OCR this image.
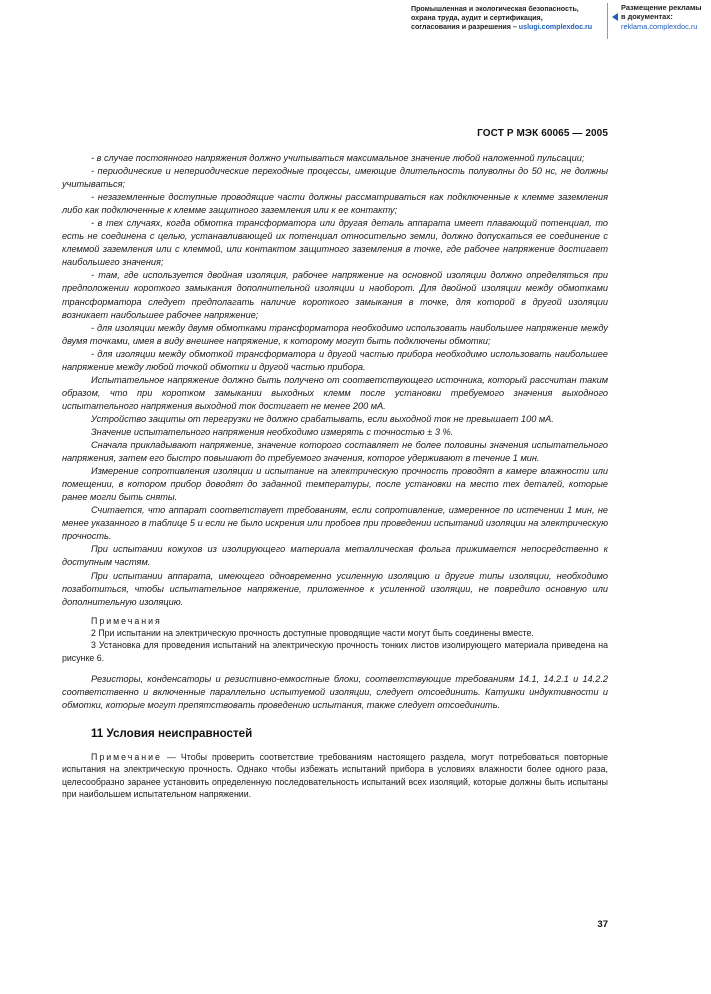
Промышленная и экологическая безопасность,
охрана труда, аудит и сертификация,
согласования и разрешения – uslugi.complexdoc.ru
Размещение рекламы
в документах:
reklama.complexdoc.ru
ГОСТ Р МЭК 60065 — 2005

- в случае постоянного напряжения должно учитываться максимальное значение любой наложенной пульсации;

- периодические и непериодические переходные процессы, имеющие длительность полуволны до 50 нс, не должны учитываться;

- незаземленные доступные проводящие части должны рассматриваться как подключенные к клемме заземления либо как подключенные к клемме защитного заземления или к ее контакту;

- в тех случаях, когда обмотка трансформатора или другая деталь аппарата имеет плавающий потенциал, то есть не соединена с целью, устанавливающей их потенциал относительно земли, должно допускаться ее соединение с клеммой заземления или с клеммой, или контактом защитного заземления в точке, где рабочее напряжение достигает наибольшего значения;

- там, где используется двойная изоляция, рабочее напряжение на основной изоляции должно определяться при предположении короткого замыкания дополнительной изоляции и наоборот. Для двойной изоляции между обмотками трансформатора следует предполагать наличие короткого замыкания в точке, для которой в другой изоляции возникает наибольшее рабочее напряжение;

- для изоляции между двумя обмотками трансформатора необходимо использовать наибольшее напряжение между двумя точками, имея в виду внешнее напряжение, к которому могут быть подключены обмотки;

- для изоляции между обмоткой трансформатора и другой частью прибора необходимо использовать наибольшее напряжение между любой точкой обмотки и другой частью прибора.

Испытательное напряжение должно быть получено от соответствующего источника, который рассчитан таким образом, что при коротком замыкании выходных клемм после установки требуемого значения выходного испытательного напряжения выходной ток достигает не менее 200 мА.

Устройство защиты от перегрузки не должно срабатывать, если выходной ток не превышает 100 мА.

Значение испытательного напряжения необходимо измерять с точностью ± 3 %.

Сначала прикладывают напряжение, значение которого составляет не более половины значения испытательного напряжения, затем его быстро повышают до требуемого значения, которое удерживают в течение 1 мин.

Измерение сопротивления изоляции и испытание на электрическую прочность проводят в камере влажности или помещении, в котором прибор доводят до заданной температуры, после установки на место тех деталей, которые ранее могли быть сняты.

Считается, что аппарат соответствует требованиям, если сопротивление, измеренное по истечении 1 мин, не менее указанного в таблице 5 и если не было искрения или пробоев при проведении испытаний изоляции на электрическую прочность.

При испытании кожухов из изолирующего материала металлическая фольга прижимается непосредственно к доступным частям.

При испытании аппарата, имеющего одновременно усиленную изоляцию и другие типы изоляции, необходимо позаботиться, чтобы испытательное напряжение, приложенное к усиленной изоляции, не повредило основную или дополнительную изоляцию.

Примечания

2 При испытании на электрическую прочность доступные проводящие части могут быть соединены вместе.

3 Установка для проведения испытаний на электрическую прочность тонких листов изолирующего материала приведена на рисунке 6.

Резисторы, конденсаторы и резистивно-емкостные блоки, соответствующие требованиям 14.1, 14.2.1 и 14.2.2 соответственно и включенные параллельно испытуемой изоляции, следует отсоединить. Катушки индуктивности и обмотки, которые могут препятствовать проведению испытания, также следует отсоединить.

11 Условия неисправностей

Примечание — Чтобы проверить соответствие требованиям настоящего раздела, могут потребоваться повторные испытания на электрическую прочность. Однако чтобы избежать испытаний прибора в условиях влажности более одного раза, целесообразно заранее установить определенную последовательность испытаний всех изоляций, которые должны быть испытаны при наибольшем испытательном напряжении.

37
